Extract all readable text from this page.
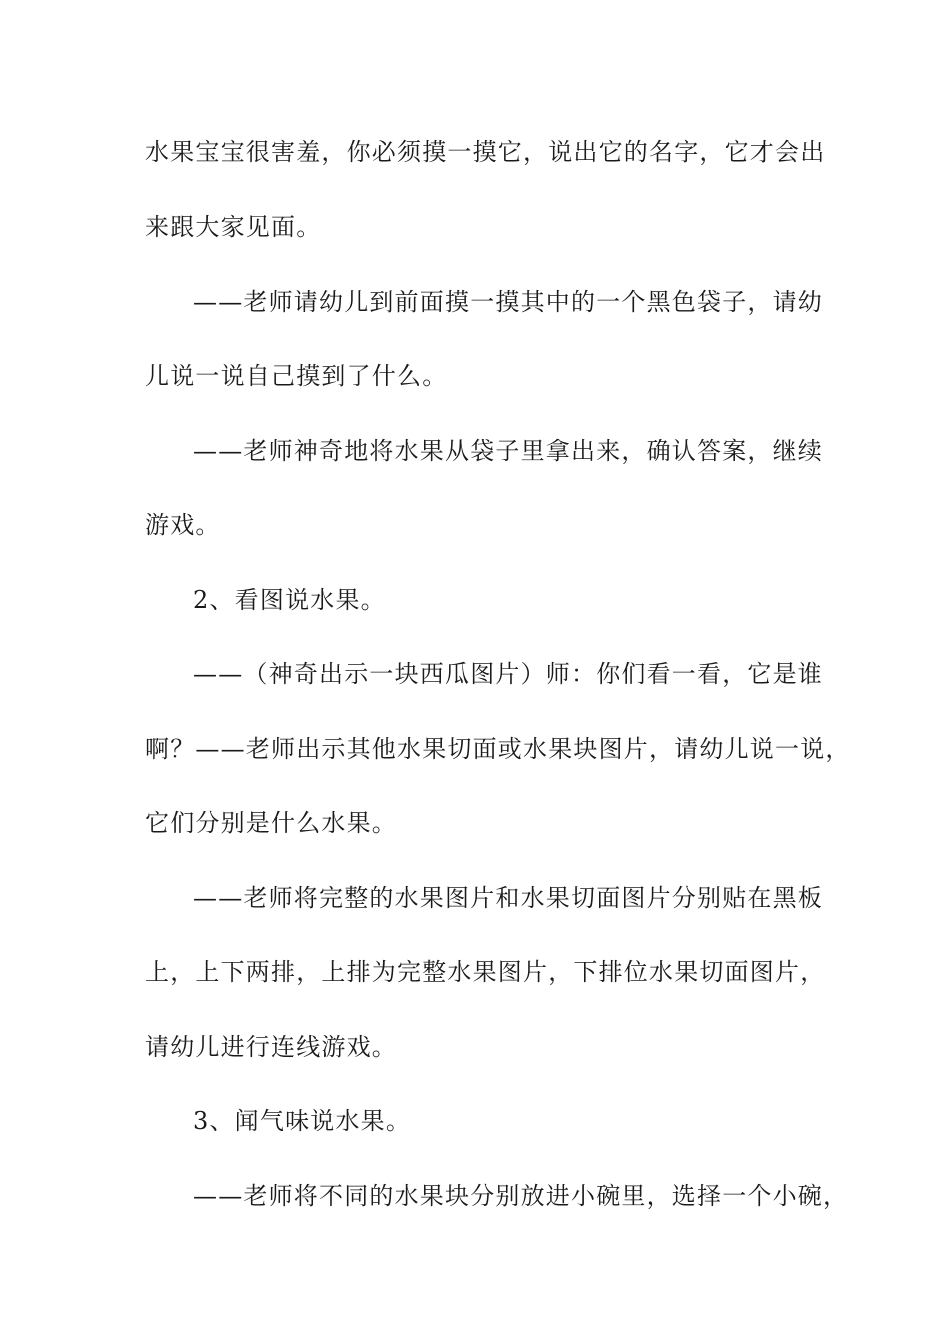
水果宝宝很害羞，你必须摸一摸它，说出它的名字，它才会出
来跟大家见面。
——老师请幼儿到前面摸一摸其中的一个黑色袋子，请幼
儿说一说自己摸到了什么。
——老师神奇地将水果从袋子里拿出来，确认答案，继续
游戏。
2、看图说水果。
——（神奇出示一块西瓜图片）师：你们看一看，它是谁
啊？——老师出示其他水果切面或水果块图片，请幼儿说一说，
它们分别是什么水果。
——老师将完整的水果图片和水果切面图片分别贴在黑板
上，上下两排，上排为完整水果图片，下排位水果切面图片，
请幼儿进行连线游戏。
3、闻气味说水果。
——老师将不同的水果块分别放进小碗里，选择一个小碗，
